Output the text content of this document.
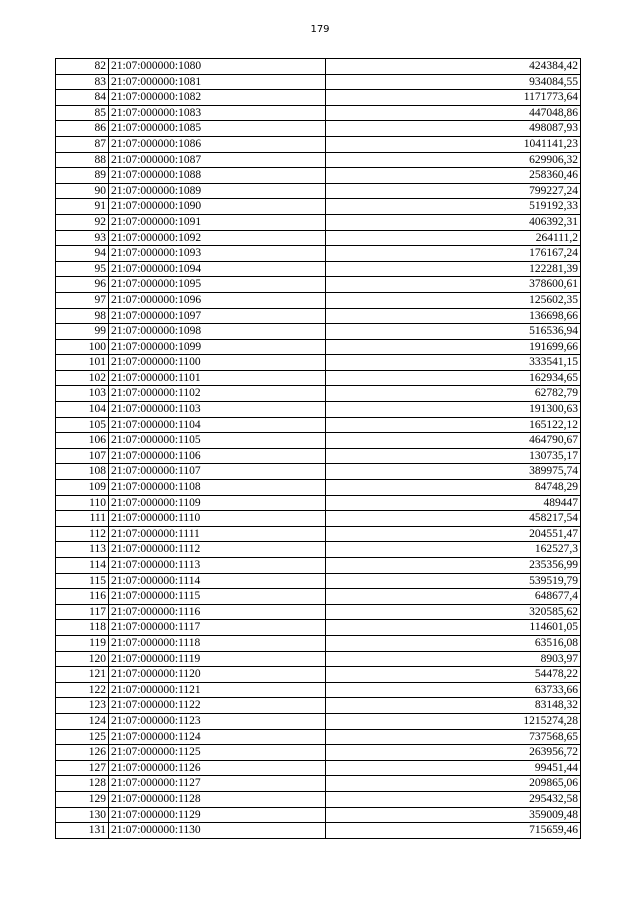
179
82	21:07:000000:1080	424384,42
83	21:07:000000:1081	934084,55
84	21:07:000000:1082	1171773,64
85	21:07:000000:1083	447048,86
86	21:07:000000:1085	498087,93
87	21:07:000000:1086	1041141,23
88	21:07:000000:1087	629906,32
89	21:07:000000:1088	258360,46
90	21:07:000000:1089	799227,24
91	21:07:000000:1090	519192,33
92	21:07:000000:1091	406392,31
93	21:07:000000:1092	264111,2
94	21:07:000000:1093	176167,24
95	21:07:000000:1094	122281,39
96	21:07:000000:1095	378600,61
97	21:07:000000:1096	125602,35
98	21:07:000000:1097	136698,66
99	21:07:000000:1098	516536,94
100	21:07:000000:1099	191699,66
101	21:07:000000:1100	333541,15
102	21:07:000000:1101	162934,65
103	21:07:000000:1102	62782,79
104	21:07:000000:1103	191300,63
105	21:07:000000:1104	165122,12
106	21:07:000000:1105	464790,67
107	21:07:000000:1106	130735,17
108	21:07:000000:1107	389975,74
109	21:07:000000:1108	84748,29
110	21:07:000000:1109	489447
111	21:07:000000:1110	458217,54
112	21:07:000000:1111	204551,47
113	21:07:000000:1112	162527,3
114	21:07:000000:1113	235356,99
115	21:07:000000:1114	539519,79
116	21:07:000000:1115	648677,4
117	21:07:000000:1116	320585,62
118	21:07:000000:1117	114601,05
119	21:07:000000:1118	63516,08
120	21:07:000000:1119	8903,97
121	21:07:000000:1120	54478,22
122	21:07:000000:1121	63733,66
123	21:07:000000:1122	83148,32
124	21:07:000000:1123	1215274,28
125	21:07:000000:1124	737568,65
126	21:07:000000:1125	263956,72
127	21:07:000000:1126	99451,44
128	21:07:000000:1127	209865,06
129	21:07:000000:1128	295432,58
130	21:07:000000:1129	359009,48
131	21:07:000000:1130	715659,46
